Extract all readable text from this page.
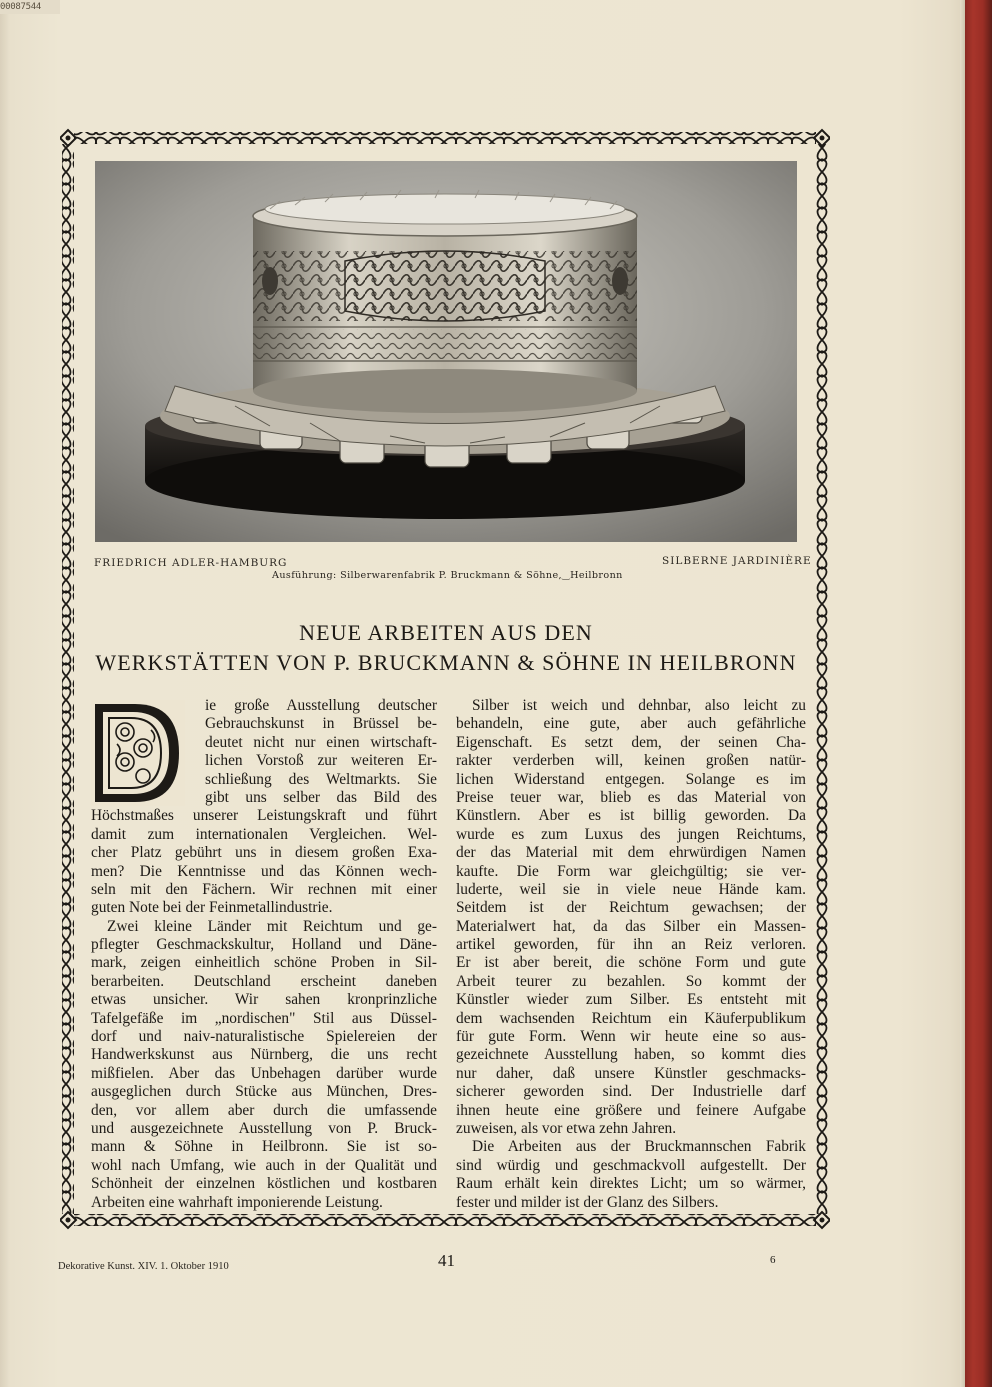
00087544
FRIEDRICH ADLER-HAMBURG	SILBERNE JARDINIÈRE
Ausführung: Silberwarenfabrik P. Bruckmann & Söhne,‿Heilbronn
NEUE ARBEITEN AUS DEN
WERKSTÄTTEN VON P. BRUCKMANN & SÖHNE IN HEILBRONN
ie große Ausstellung deutscher
Gebrauchskunst in Brüssel be-
deutet nicht nur einen wirtschaft-
lichen Vorstoß zur weiteren Er-
schließung des Weltmarkts. Sie
gibt uns selber das Bild des
Höchstmaßes unserer Leistungskraft und führt
damit zum internationalen Vergleichen. Wel-
cher Platz gebührt uns in diesem großen Exa-
men? Die Kenntnisse und das Können wech-
seln mit den Fächern. Wir rechnen mit einer
guten Note bei der Feinmetallindustrie.
Zwei kleine Länder mit Reichtum und ge-
pflegter Geschmackskultur, Holland und Däne-
mark, zeigen einheitlich schöne Proben in Sil-
berarbeiten. Deutschland erscheint daneben
etwas unsicher. Wir sahen kronprinzliche
Tafelgefäße im „nordischen" Stil aus Düssel-
dorf und naiv-naturalistische Spielereien der
Handwerkskunst aus Nürnberg, die uns recht
mißfielen. Aber das Unbehagen darüber wurde
ausgeglichen durch Stücke aus München, Dres-
den, vor allem aber durch die umfassende
und ausgezeichnete Ausstellung von P. Bruck-
mann & Söhne in Heilbronn. Sie ist so-
wohl nach Umfang, wie auch in der Qualität und
Schönheit der einzelnen köstlichen und kostbaren
Arbeiten eine wahrhaft imponierende Leistung.
Silber ist weich und dehnbar, also leicht zu
behandeln, eine gute, aber auch gefährliche
Eigenschaft. Es setzt dem, der seinen Cha-
rakter verderben will, keinen großen natür-
lichen Widerstand entgegen. Solange es im
Preise teuer war, blieb es das Material von
Künstlern. Aber es ist billig geworden. Da
wurde es zum Luxus des jungen Reichtums,
der das Material mit dem ehrwürdigen Namen
kaufte. Die Form war gleichgültig; sie ver-
luderte, weil sie in viele neue Hände kam.
Seitdem ist der Reichtum gewachsen; der
Materialwert hat, da das Silber ein Massen-
artikel geworden, für ihn an Reiz verloren.
Er ist aber bereit, die schöne Form und gute
Arbeit teurer zu bezahlen. So kommt der
Künstler wieder zum Silber. Es entsteht mit
dem wachsenden Reichtum ein Käuferpublikum
für gute Form. Wenn wir heute eine so aus-
gezeichnete Ausstellung haben, so kommt dies
nur daher, daß unsere Künstler geschmacks-
sicherer geworden sind. Der Industrielle darf
ihnen heute eine größere und feinere Aufgabe
zuweisen, als vor etwa zehn Jahren.
Die Arbeiten aus der Bruckmannschen Fabrik
sind würdig und geschmackvoll aufgestellt. Der
Raum erhält kein direktes Licht; um so wärmer,
fester und milder ist der Glanz des Silbers.
Dekorative Kunst. XIV. 1. Oktober 1910	41	6
